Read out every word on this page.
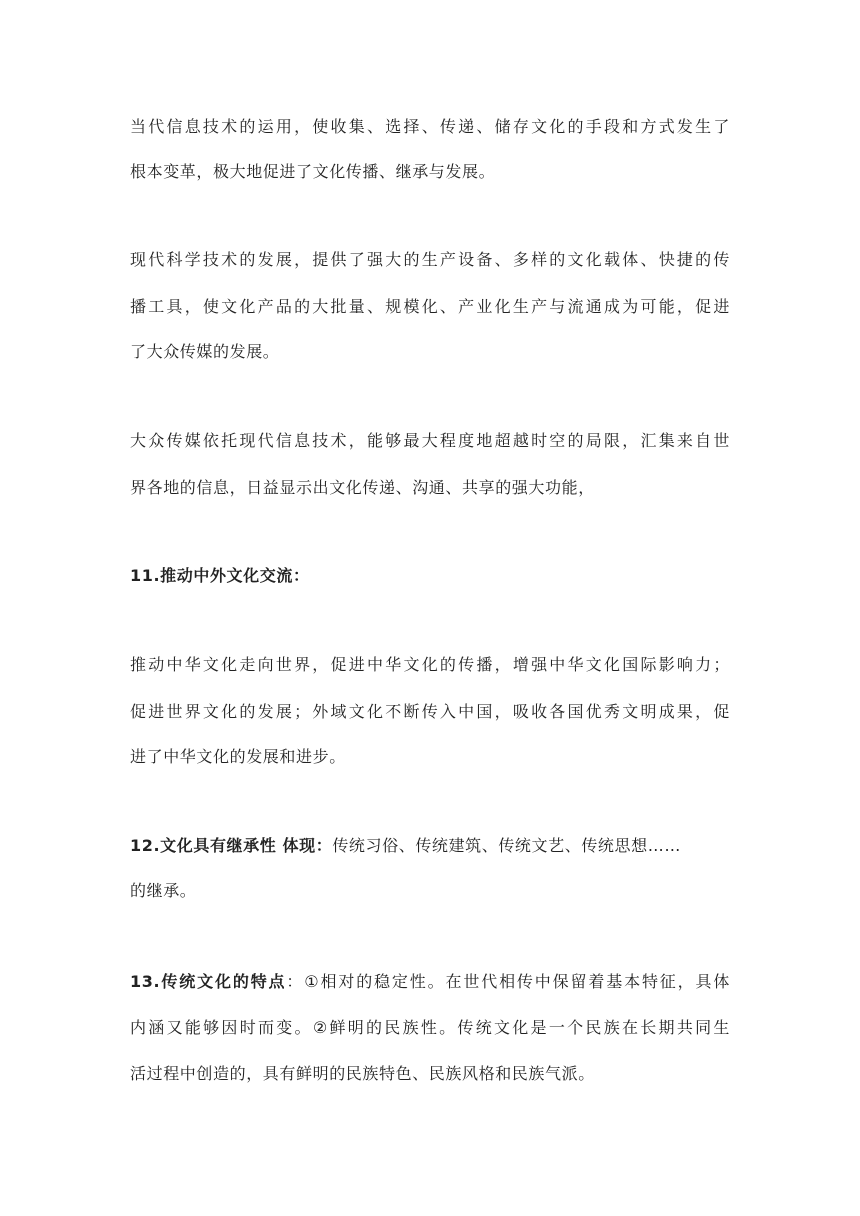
当代信息技术的运用，使收集、选择、传递、储存文化的手段和方式发生了
根本变革，极大地促进了文化传播、继承与发展。
现代科学技术的发展，提供了强大的生产设备、多样的文化载体、快捷的传
播工具，使文化产品的大批量、规模化、产业化生产与流通成为可能，促进
了大众传媒的发展。
大众传媒依托现代信息技术，能够最大程度地超越时空的局限，汇集来自世
界各地的信息，日益显示出文化传递、沟通、共享的强大功能，
11.推动中外文化交流：
推动中华文化走向世界，促进中华文化的传播，增强中华文化国际影响力；
促进世界文化的发展；外域文化不断传入中国，吸收各国优秀文明成果，促
进了中华文化的发展和进步。
12.文化具有继承性 体现：传统习俗、传统建筑、传统文艺、传统思想……
的继承。
13.传统文化的特点：①相对的稳定性。在世代相传中保留着基本特征，具体
内涵又能够因时而变。②鲜明的民族性。传统文化是一个民族在长期共同生
活过程中创造的，具有鲜明的民族特色、民族风格和民族气派。
